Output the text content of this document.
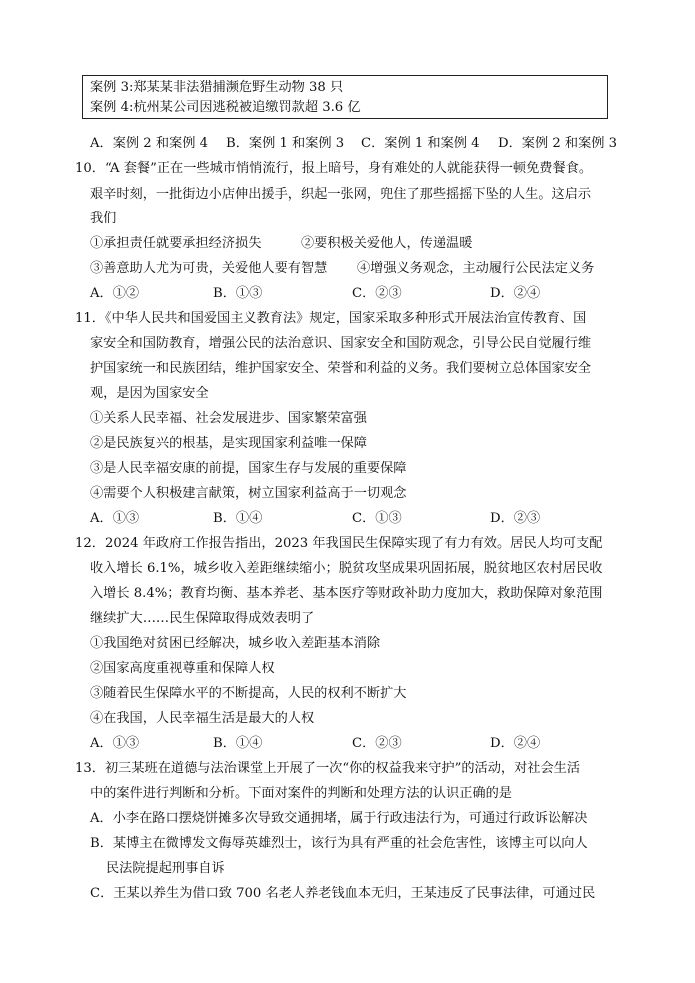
案例 3:郑某某非法猎捕濒危野生动物 38 只
案例 4:杭州某公司因逃税被追缴罚款超 3.6 亿
A．案例 2 和案例 4 B．案例 1 和案例 3 C．案例 1 和案例 4 D．案例 2 和案例 3
10．“A 套餐”正在一些城市悄悄流行，报上暗号，身有难处的人就能获得一顿免费餐食。
艰辛时刻，一批街边小店伸出援手，织起一张网，兜住了那些摇摇下坠的人生。这启示
我们
①承担责任就要承担经济损失	②要积极关爱他人，传递温暖
③善意助人尤为可贵，关爱他人要有智慧 ④增强义务观念，主动履行公民法定义务
A．①②	B．①③	C．②③	D．②④
11．《中华人民共和国爱国主义教育法》规定，国家采取多种形式开展法治宣传教育、国
家安全和国防教育，增强公民的法治意识、国家安全和国防观念，引导公民自觉履行维
护国家统一和民族团结，维护国家安全、荣誉和利益的义务。我们要树立总体国家安全
观，是因为国家安全
①关系人民幸福、社会发展进步、国家繁荣富强
②是民族复兴的根基，是实现国家利益唯一保障
③是人民幸福安康的前提，国家生存与发展的重要保障
④需要个人积极建言献策，树立国家利益高于一切观念
A．①③	B．①④	C．①③	D．②③
12．2024 年政府工作报告指出，2023 年我国民生保障实现了有力有效。居民人均可支配
收入增长 6.1%，城乡收入差距继续缩小；脱贫攻坚成果巩固拓展，脱贫地区农村居民收
入增长 8.4%；教育均衡、基本养老、基本医疗等财政补助力度加大，救助保障对象范围
继续扩大……民生保障取得成效表明了
①我国绝对贫困已经解决，城乡收入差距基本消除
②国家高度重视尊重和保障人权
③随着民生保障水平的不断提高，人民的权利不断扩大
④在我国，人民幸福生活是最大的人权
A．①③	B．①④	C．②③	D．②④
13．初三某班在道德与法治课堂上开展了一次“你的权益我来守护”的活动，对社会生活
中的案件进行判断和分析。下面对案件的判断和处理方法的认识正确的是
A．小李在路口摆烧饼摊多次导致交通拥堵，属于行政违法行为，可通过行政诉讼解决
B．某博主在微博发文侮辱英雄烈士，该行为具有严重的社会危害性，该博主可以向人
民法院提起刑事自诉
C．王某以养生为借口致 700 名老人养老钱血本无归，王某违反了民事法律，可通过民
